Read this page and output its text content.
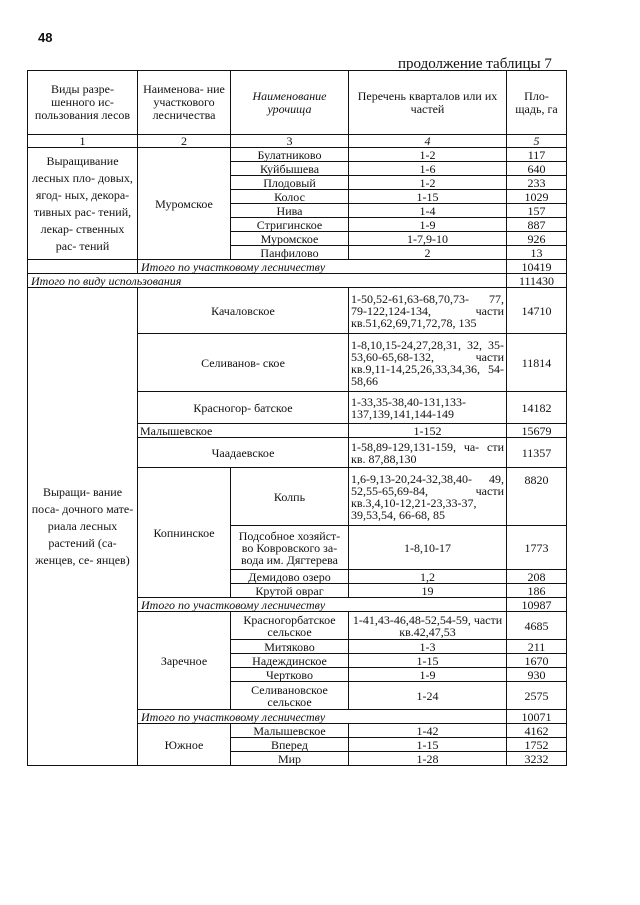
48
продолжение таблицы 7
Виды разре- шенного ис- пользования лесов	Наименова- ние участкового лесничества	Наименование урочища	Перечень кварталов или их частей	Пло- щадь, га
1	2	3	4	5
Выращивание лесных пло- довых, ягод- ных, декора- тивных рас- тений, лекар- ственных рас- тений	Муромское	Булатниково	1-2	117
		Куйбышева	1-6	640
		Плодовый	1-2	233
		Колос	1-15	1029
		Нива	1-4	157
		Стригинское	1-9	887
		Муромское	1-7,9-10	926
		Панфилово	2	13
	Итого по участковому лесничеству			10419
Итого по виду использования				111430
Выращи- вание поса- дочного мате- риала лесных растений (са- женцев, се- янцев)	Качаловское		1-50,52-61,63-68,70,73- 77, 79-122,124-134, части кв.51,62,69,71,72,78, 135	14710
	Селиванов- ское		1-8,10,15-24,27,28,31, 32, 35-53,60-65,68-132, части кв.9,11-14,25,26,33,34,36, 54-58,66	11814
	Красногор- батское		1-33,35-38,40-131,133- 137,139,141,144-149	14182
	Малышевское		1-152	15679
	Чаадаевское		1-58,89-129,131-159, ча- сти кв. 87,88,130	11357
	Копнинское	Колпь	1,6-9,13-20,24-32,38,40- 49, 52,55-65,69-84, части кв.3,4,10-12,21-23,33-37, 39,53,54, 66-68, 85	8820
		Подсобное хозяйст- во Ковровского за- вода им. Дягтерева	1-8,10-17	1773
		Демидово озеро	1,2	208
		Крутой овраг	19	186
	Итого по участковому лесничеству			10987
	Заречное	Красногорбатское сельское	1-41,43-46,48-52,54-59, части кв.42,47,53	4685
		Митяково	1-3	211
		Надеждинское	1-15	1670
		Чертково	1-9	930
		Селивановское сельское	1-24	2575
	Итого по участковому лесничеству			10071
	Южное	Малышевское	1-42	4162
		Вперед	1-15	1752
		Мир	1-28	3232
